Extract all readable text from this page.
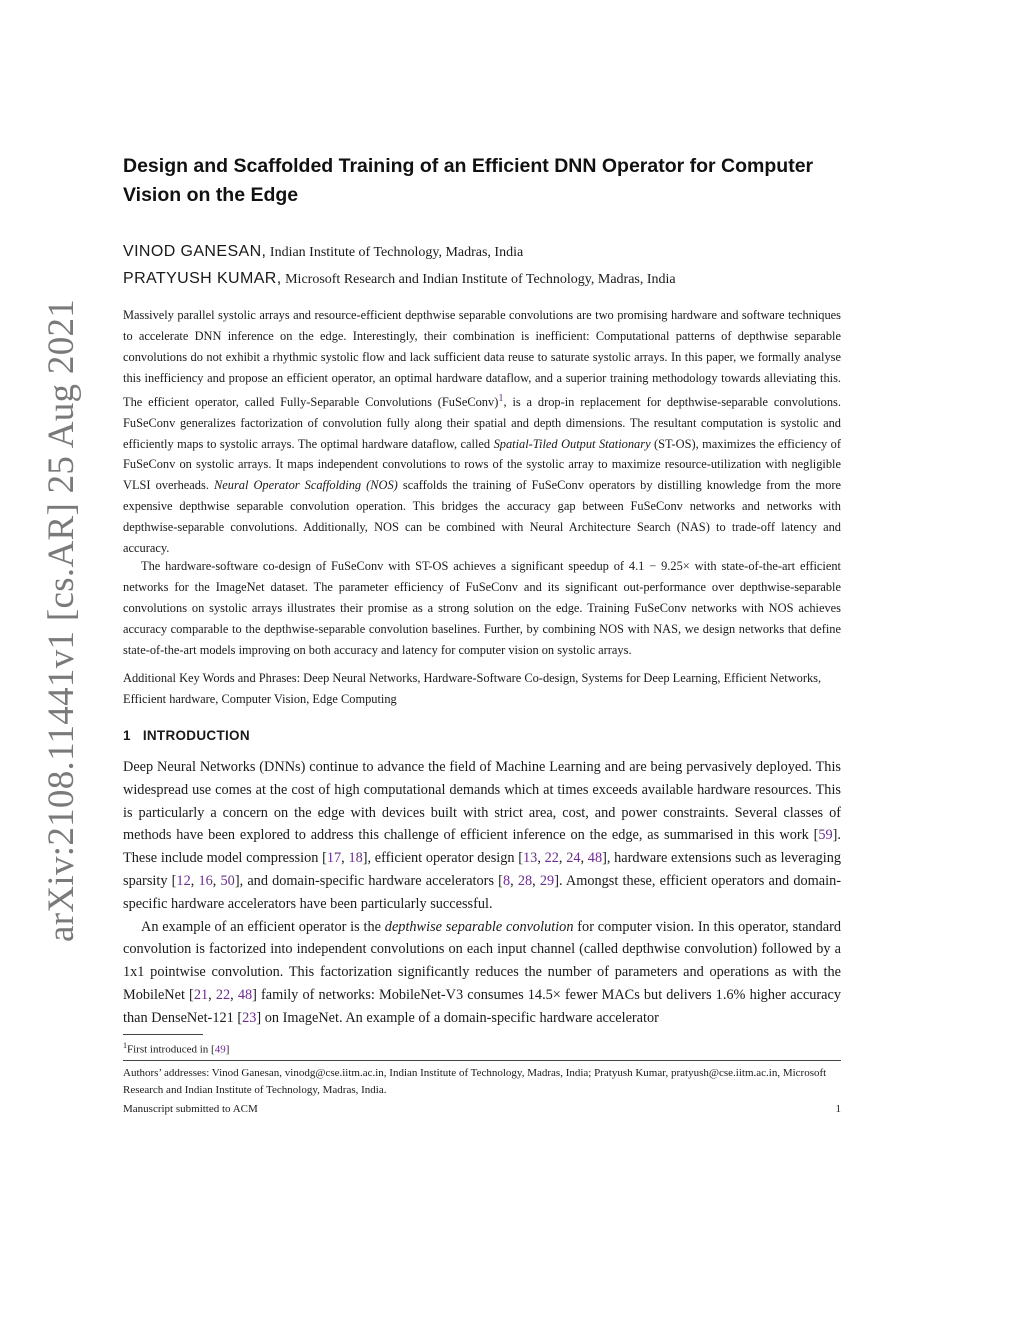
arXiv:2108.11441v1 [cs.AR] 25 Aug 2021
Design and Scaffolded Training of an Efficient DNN Operator for Computer Vision on the Edge
VINOD GANESAN, Indian Institute of Technology, Madras, India
PRATYUSH KUMAR, Microsoft Research and Indian Institute of Technology, Madras, India

Massively parallel systolic arrays and resource-efficient depthwise separable convolutions are two promising hardware and software techniques to accelerate DNN inference on the edge. Interestingly, their combination is inefficient: Computational patterns of depthwise separable convolutions do not exhibit a rhythmic systolic flow and lack sufficient data reuse to saturate systolic arrays. In this paper, we formally analyse this inefficiency and propose an efficient operator, an optimal hardware dataflow, and a superior training methodology towards alleviating this. The efficient operator, called Fully-Separable Convolutions (FuSeConv)$^1$, is a drop-in replacement for depthwise-separable convolutions. FuSeConv generalizes factorization of convolution fully along their spatial and depth dimensions. The resultant computation is systolic and efficiently maps to systolic arrays. The optimal hardware dataflow, called Spatial-Tiled Output Stationary (ST-OS), maximizes the efficiency of FuSeConv on systolic arrays. It maps independent convolutions to rows of the systolic array to maximize resource-utilization with negligible VLSI overheads. Neural Operator Scaffolding (NOS) scaffolds the training of FuSeConv operators by distilling knowledge from the more expensive depthwise separable convolution operation. This bridges the accuracy gap between FuSeConv networks and networks with depthwise-separable convolutions. Additionally, NOS can be combined with Neural Architecture Search (NAS) to trade-off latency and accuracy.

The hardware-software co-design of FuSeConv with ST-OS achieves a significant speedup of 4.1 − 9.25× with state-of-the-art efficient networks for the ImageNet dataset. The parameter efficiency of FuSeConv and its significant out-performance over depthwise-separable convolutions on systolic arrays illustrates their promise as a strong solution on the edge. Training FuSeConv networks with NOS achieves accuracy comparable to the depthwise-separable convolution baselines. Further, by combining NOS with NAS, we design networks that define state-of-the-art models improving on both accuracy and latency for computer vision on systolic arrays.
Additional Key Words and Phrases: Deep Neural Networks, Hardware-Software Co-design, Systems for Deep Learning, Efficient Networks, Efficient hardware, Computer Vision, Edge Computing
1 INTRODUCTION

Deep Neural Networks (DNNs) continue to advance the field of Machine Learning and are being pervasively deployed. This widespread use comes at the cost of high computational demands which at times exceeds available hardware resources. This is particularly a concern on the edge with devices built with strict area, cost, and power constraints. Several classes of methods have been explored to address this challenge of efficient inference on the edge, as summarised in this work [59]. These include model compression [17, 18], efficient operator design [13, 22, 24, 48], hardware extensions such as leveraging sparsity [12, 16, 50], and domain-specific hardware accelerators [8, 28, 29]. Amongst these, efficient operators and domain-specific hardware accelerators have been particularly successful.

An example of an efficient operator is the depthwise separable convolution for computer vision. In this operator, standard convolution is factorized into independent convolutions on each input channel (called depthwise convolution) followed by a 1x1 pointwise convolution. This factorization significantly reduces the number of parameters and operations as with the MobileNet [21, 22, 48] family of networks: MobileNet-V3 consumes 14.5× fewer MACs but delivers 1.6% higher accuracy than DenseNet-121 [23] on ImageNet. An example of a domain-specific hardware accelerator

$^1$First introduced in [49]
Authors’ addresses: Vinod Ganesan, vinodg@cse.iitm.ac.in, Indian Institute of Technology, Madras, India; Pratyush Kumar, pratyush@cse.iitm.ac.in, Microsoft Research and Indian Institute of Technology, Madras, India.
Manuscript submitted to ACM	1
